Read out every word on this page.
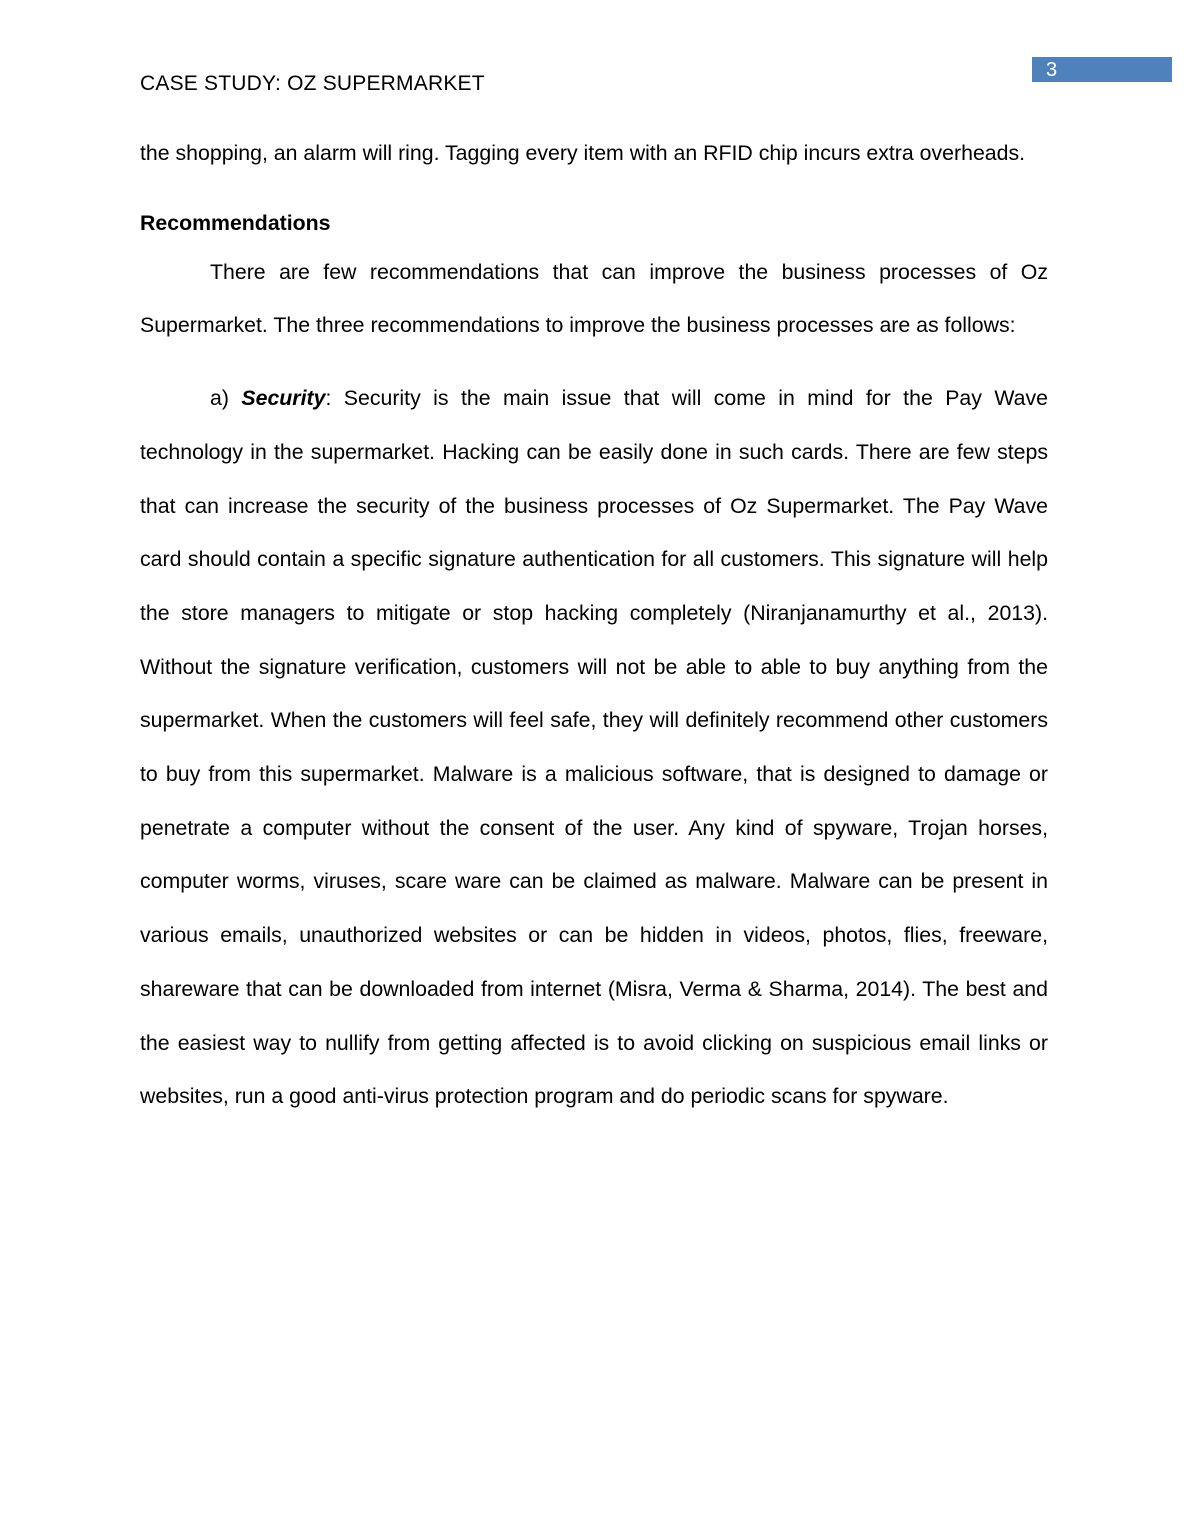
3
CASE STUDY: OZ SUPERMARKET

the shopping, an alarm will ring. Tagging every item with an RFID chip incurs extra overheads.

Recommendations

There are few recommendations that can improve the business processes of Oz Supermarket. The three recommendations to improve the business processes are as follows:

a) Security: Security is the main issue that will come in mind for the Pay Wave technology in the supermarket. Hacking can be easily done in such cards. There are few steps that can increase the security of the business processes of Oz Supermarket. The Pay Wave card should contain a specific signature authentication for all customers. This signature will help the store managers to mitigate or stop hacking completely (Niranjanamurthy et al., 2013). Without the signature verification, customers will not be able to able to buy anything from the supermarket. When the customers will feel safe, they will definitely recommend other customers to buy from this supermarket. Malware is a malicious software, that is designed to damage or penetrate a computer without the consent of the user. Any kind of spyware, Trojan horses, computer worms, viruses, scare ware can be claimed as malware. Malware can be present in various emails, unauthorized websites or can be hidden in videos, photos, flies, freeware, shareware that can be downloaded from internet (Misra, Verma & Sharma, 2014). The best and the easiest way to nullify from getting affected is to avoid clicking on suspicious email links or websites, run a good anti-virus protection program and do periodic scans for spyware.
